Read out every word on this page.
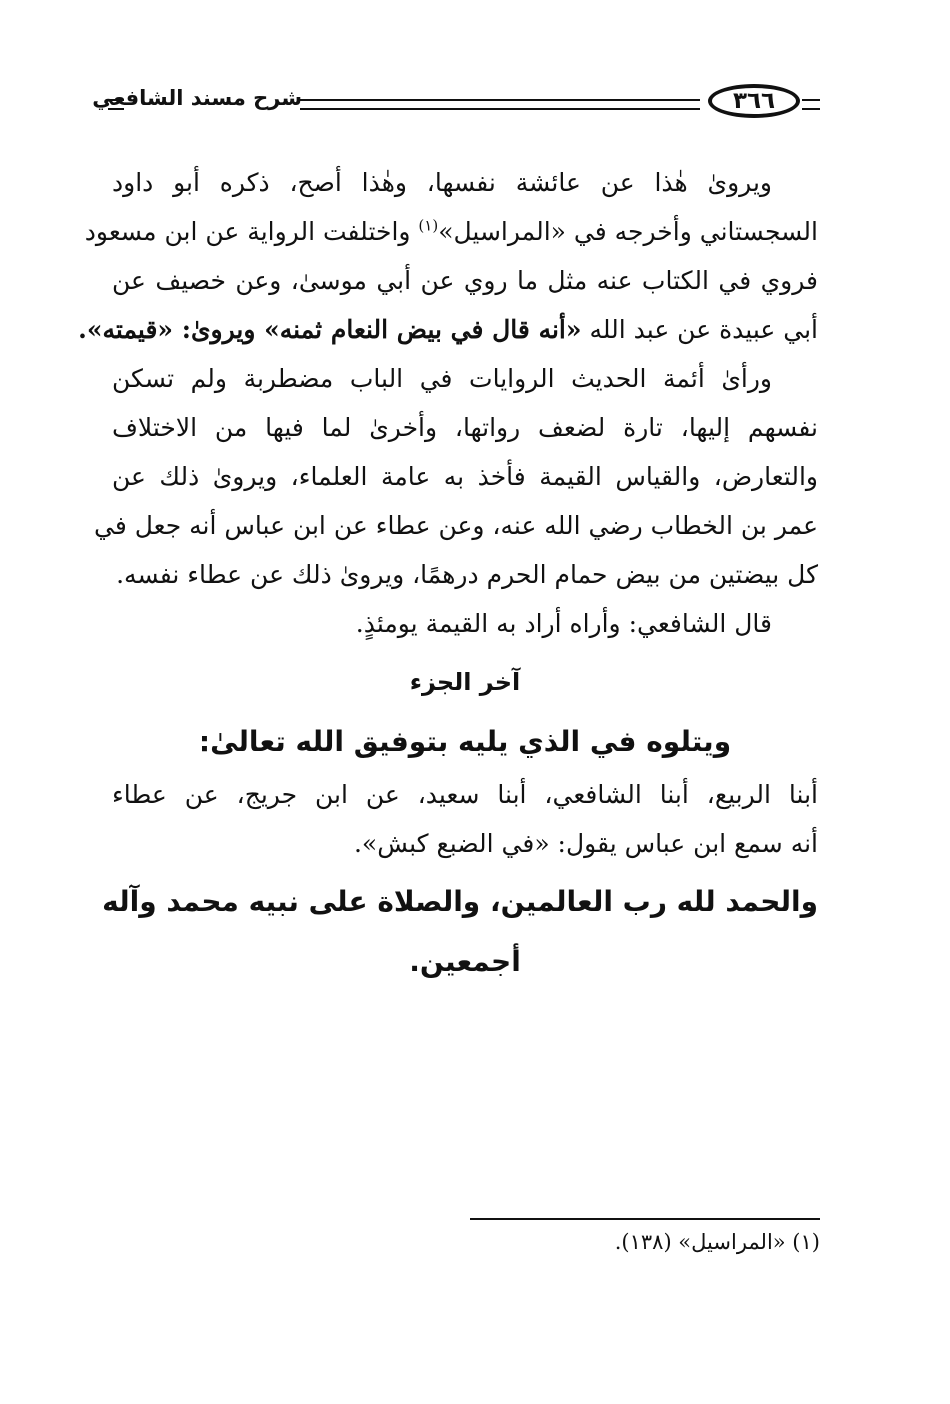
٣٦٦
شرح مسند الشافعي
ويروىٰ هٰذا عن عائشة نفسها، وهٰذا أصح، ذكره أبو داود
السجستاني وأخرجه في «المراسيل»$^{(١)}$ واختلفت الرواية عن ابن مسعود
فروي في الكتاب عنه مثل ما روي عن أبي موسىٰ، وعن خصيف عن
أبي عبيدة عن عبد الله «أنه قال في بيض النعام ثمنه» ويروىٰ: «قيمته».
ورأىٰ أئمة الحديث الروايات في الباب مضطربة ولم تسكن
نفسهم إليها، تارة لضعف رواتها، وأخرىٰ لما فيها من الاختلاف
والتعارض، والقياس القيمة فأخذ به عامة العلماء، ويروىٰ ذلك عن
عمر بن الخطاب رضي الله عنه، وعن عطاء عن ابن عباس أنه جعل في
كل بيضتين من بيض حمام الحرم درهمًا، ويروىٰ ذلك عن عطاء نفسه.
قال الشافعي: وأراه أراد به القيمة يومئذٍ.
آخر الجزء
ويتلوه في الذي يليه بتوفيق الله تعالىٰ:
أبنا الربيع، أبنا الشافعي، أبنا سعيد، عن ابن جريج، عن عطاء
أنه سمع ابن عباس يقول: «في الضبع كبش».
والحمد لله رب العالمين، والصلاة على نبيه محمد وآله
أجمعين.
(١) «المراسيل» (١٣٨).
